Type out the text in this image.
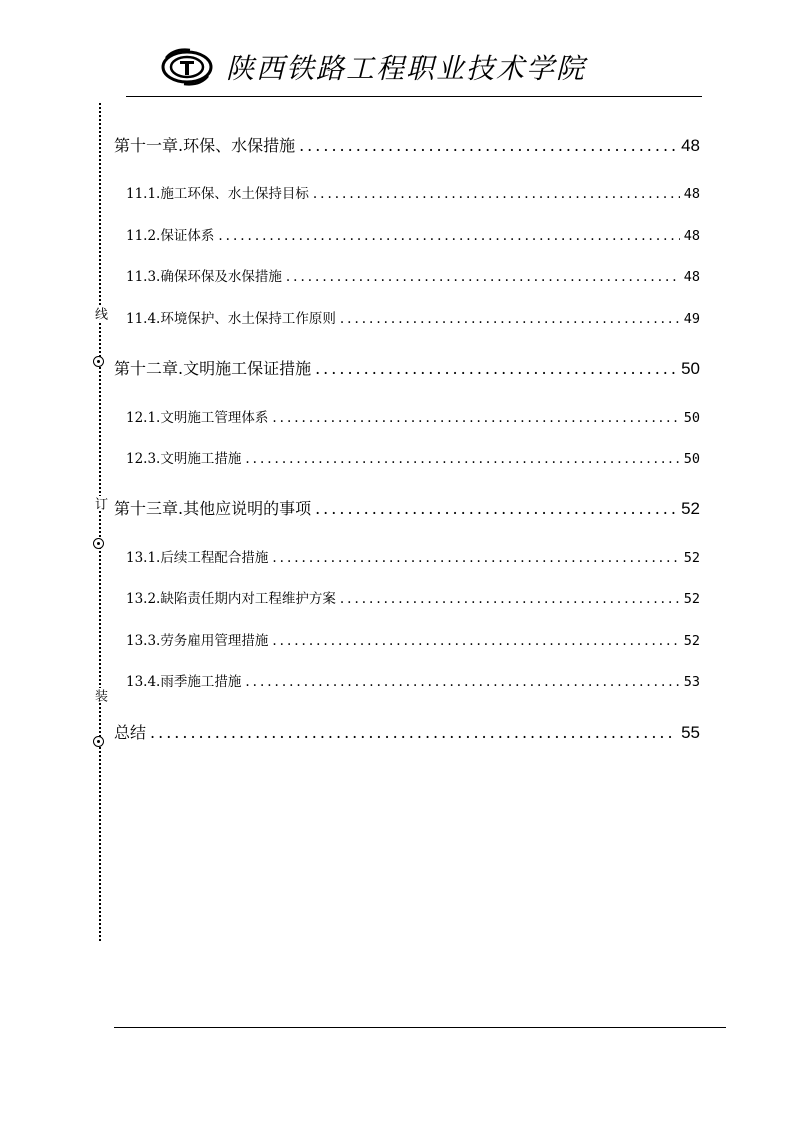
陕西铁路工程职业技术学院
线
订
装
第十一章.环保、水保措施 .....	48
11.1.施工环保、水土保持目标 .....	48
11.2.保证体系 .....	48
11.3.确保环保及水保措施 .....	48
11.4.环境保护、水土保持工作原则 .....	49
第十二章.文明施工保证措施 .....	50
12.1.文明施工管理体系 .....	50
12.3.文明施工措施 .....	50
第十三章.其他应说明的事项 .....	52
13.1.后续工程配合措施 .....	52
13.2.缺陷责任期内对工程维护方案 .....	52
13.3.劳务雇用管理措施 .....	52
13.4.雨季施工措施 .....	53
总结 .....	55
